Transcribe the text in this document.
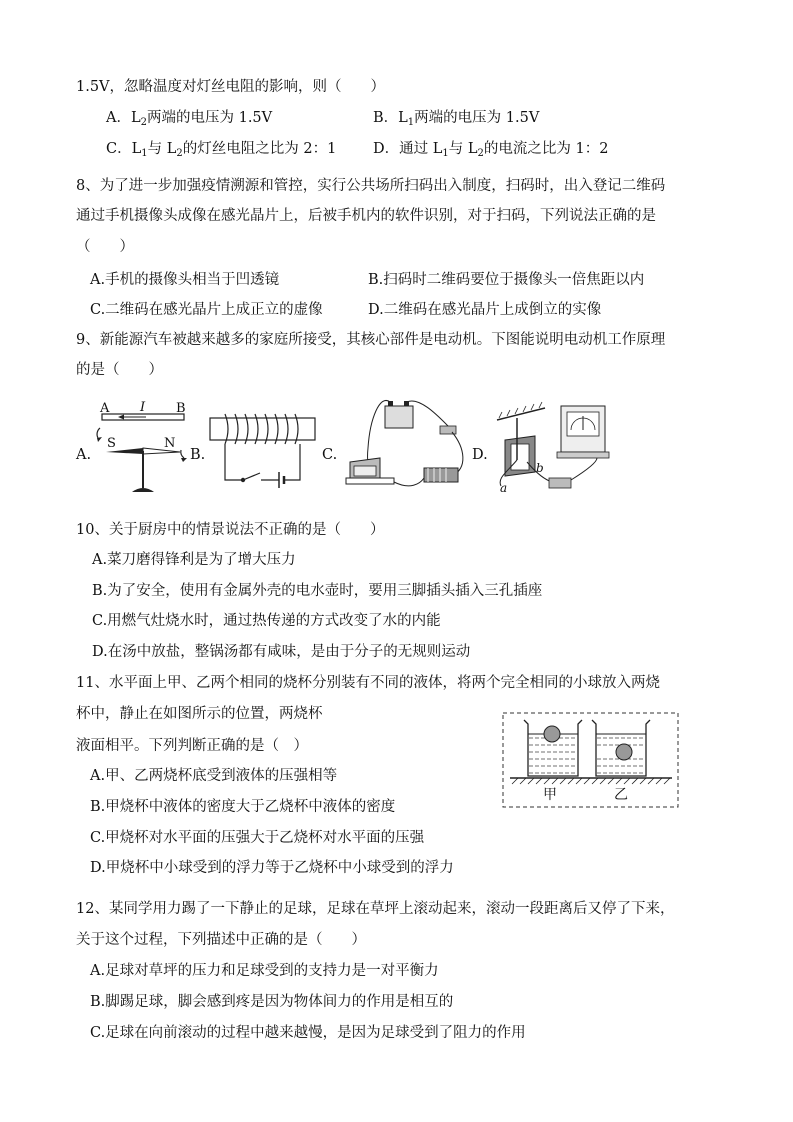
1.5V，忽略温度对灯丝电阻的影响，则（　　）
A．$L_2$两端的电压为 1.5V	B．$L_1$两端的电压为 1.5V
C．$L_1$与 $L_2$的灯丝电阻之比为 2：1	D．通过 $L_1$与 $L_2$的电流之比为 1：2
8、为了进一步加强疫情溯源和管控，实行公共场所扫码出入制度，扫码时，出入登记二维码
通过手机摄像头成像在感光晶片上，后被手机内的软件识别，对于扫码，下列说法正确的是
（　　）
A.手机的摄像头相当于凹透镜	B.扫码时二维码要位于摄像头一倍焦距以内
C.二维码在感光晶片上成正立的虚像	D.二维码在感光晶片上成倒立的实像
9、新能源汽车被越来越多的家庭所接受，其核心部件是电动机。下图能说明电动机工作原理
的是（　　）
A.
A I B
S	N
B.	C.	D.
b
a
10、关于厨房中的情景说法不正确的是（　　）
A.菜刀磨得锋利是为了增大压力
B.为了安全，使用有金属外壳的电水壶时，要用三脚插头插入三孔插座
C.用燃气灶烧水时，通过热传递的方式改变了水的内能
D.在汤中放盐，整锅汤都有咸味，是由于分子的无规则运动
11、水平面上甲、乙两个相同的烧杯分别装有不同的液体，将两个完全相同的小球放入两烧
杯中，静止在如图所示的位置，两烧杯
液面相平。下列判断正确的是（　）
A.甲、乙两烧杯底受到液体的压强相等
B.甲烧杯中液体的密度大于乙烧杯中液体的密度
C.甲烧杯对水平面的压强大于乙烧杯对水平面的压强
D.甲烧杯中小球受到的浮力等于乙烧杯中小球受到的浮力
甲	乙
12、某同学用力踢了一下静止的足球，足球在草坪上滚动起来，滚动一段距离后又停了下来，
关于这个过程，下列描述中正确的是（　　）
A.足球对草坪的压力和足球受到的支持力是一对平衡力
B.脚踢足球，脚会感到疼是因为物体间力的作用是相互的
C.足球在向前滚动的过程中越来越慢，是因为足球受到了阻力的作用
